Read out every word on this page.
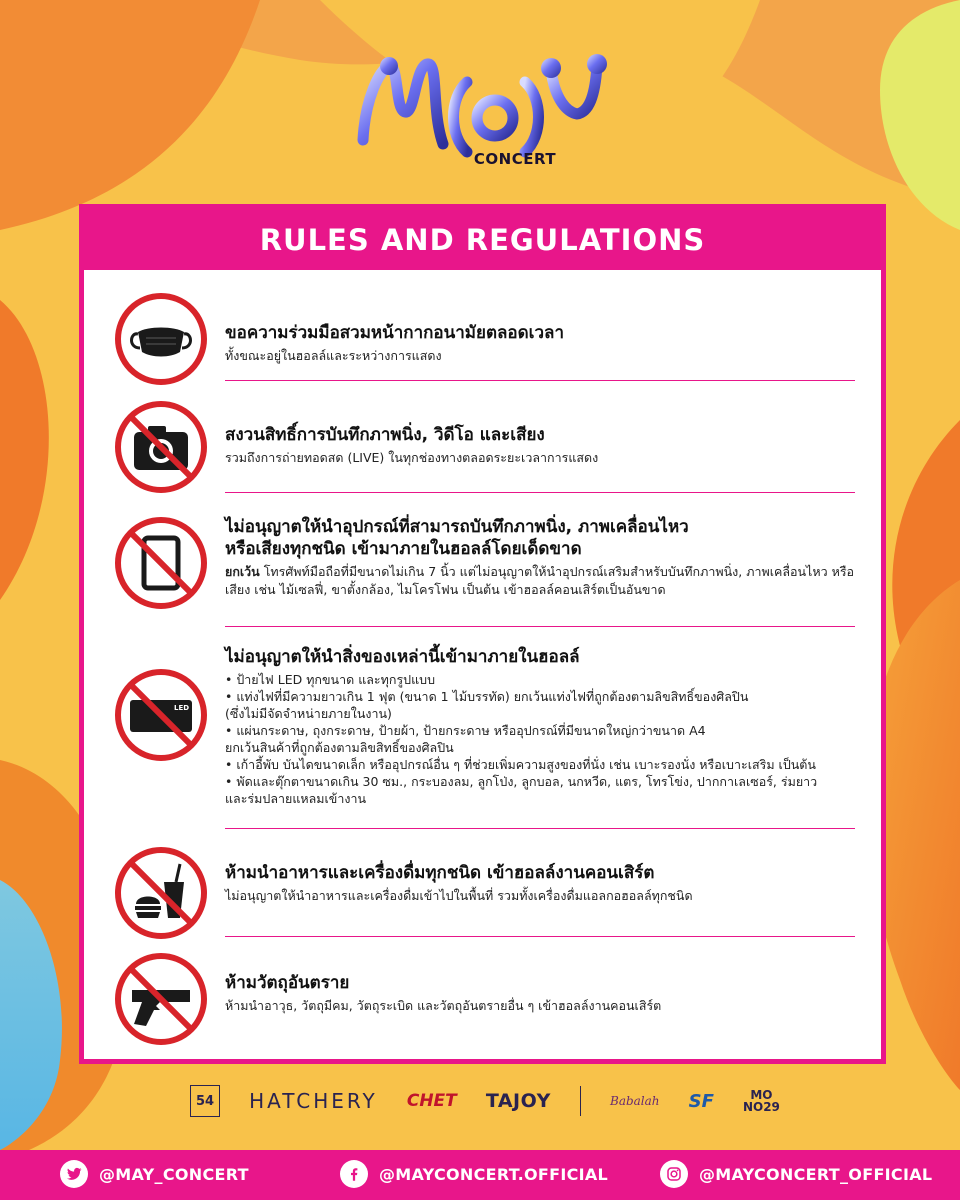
CONCERT
RULES AND REGULATIONS
ขอความร่วมมือสวมหน้ากากอนามัยตลอดเวลา
ทั้งขณะอยู่ในฮอลล์และระหว่างการแสดง
สงวนสิทธิ์การบันทึกภาพนิ่ง, วิดีโอ และเสียง
รวมถึงการถ่ายทอดสด (LIVE) ในทุกช่องทางตลอดระยะเวลาการแสดง
ไม่อนุญาตให้นำอุปกรณ์ที่สามารถบันทึกภาพนิ่ง, ภาพเคลื่อนไหว
หรือเสียงทุกชนิด เข้ามาภายในฮอลล์โดยเด็ดขาด
ยกเว้น โทรศัพท์มือถือที่มีขนาดไม่เกิน 7 นิ้ว แต่ไม่อนุญาตให้นำอุปกรณ์เสริมสำหรับบันทึกภาพนิ่ง, ภาพเคลื่อนไหว หรือเสียง เช่น ไม้เซลฟี่, ขาตั้งกล้อง, ไมโครโฟน เป็นต้น เข้าฮอลล์คอนเสิร์ตเป็นอันขาด
LED
ไม่อนุญาตให้นำสิ่งของเหล่านี้เข้ามาภายในฮอลล์
• ป้ายไฟ LED ทุกขนาด และทุกรูปแบบ
• แท่งไฟที่มีความยาวเกิน 1 ฟุต (ขนาด 1 ไม้บรรทัด) ยกเว้นแท่งไฟที่ถูกต้องตามลิขสิทธิ์ของศิลปิน
(ซึ่งไม่มีจัดจำหน่ายภายในงาน)
• แผ่นกระดาษ, ถุงกระดาษ, ป้ายผ้า, ป้ายกระดาษ หรืออุปกรณ์ที่มีขนาดใหญ่กว่าขนาด A4
ยกเว้นสินค้าที่ถูกต้องตามลิขสิทธิ์ของศิลปิน
• เก้าอี้พับ บันไดขนาดเล็ก หรืออุปกรณ์อื่น ๆ ที่ช่วยเพิ่มความสูงของที่นั่ง เช่น เบาะรองนั่ง หรือเบาะเสริม เป็นต้น
• พัดและตุ๊กตาขนาดเกิน 30 ซม., กระบองลม, ลูกโป่ง, ลูกบอล, นกหวีด, แตร, โทรโข่ง, ปากกาเลเซอร์, ร่มยาว
และร่มปลายแหลมเข้างาน
ห้ามนำอาหารและเครื่องดื่มทุกชนิด เข้าฮอลล์งานคอนเสิร์ต
ไม่อนุญาตให้นำอาหารและเครื่องดื่มเข้าไปในพื้นที่ รวมทั้งเครื่องดื่มแอลกอฮอลล์ทุกชนิด
ห้ามวัตถุอันตราย
ห้ามนำอาวุธ, วัตถุมีคม, วัตถุระเบิด และวัตถุอันตรายอื่น ๆ เข้าฮอลล์งานคอนเสิร์ต
54 HATCHERY CHET TAJOY	Babalah SF	MO
NO29
@MAY_CONCERT	@MAYCONCERT.OFFICIAL	@MAYCONCERT_OFFICIAL
